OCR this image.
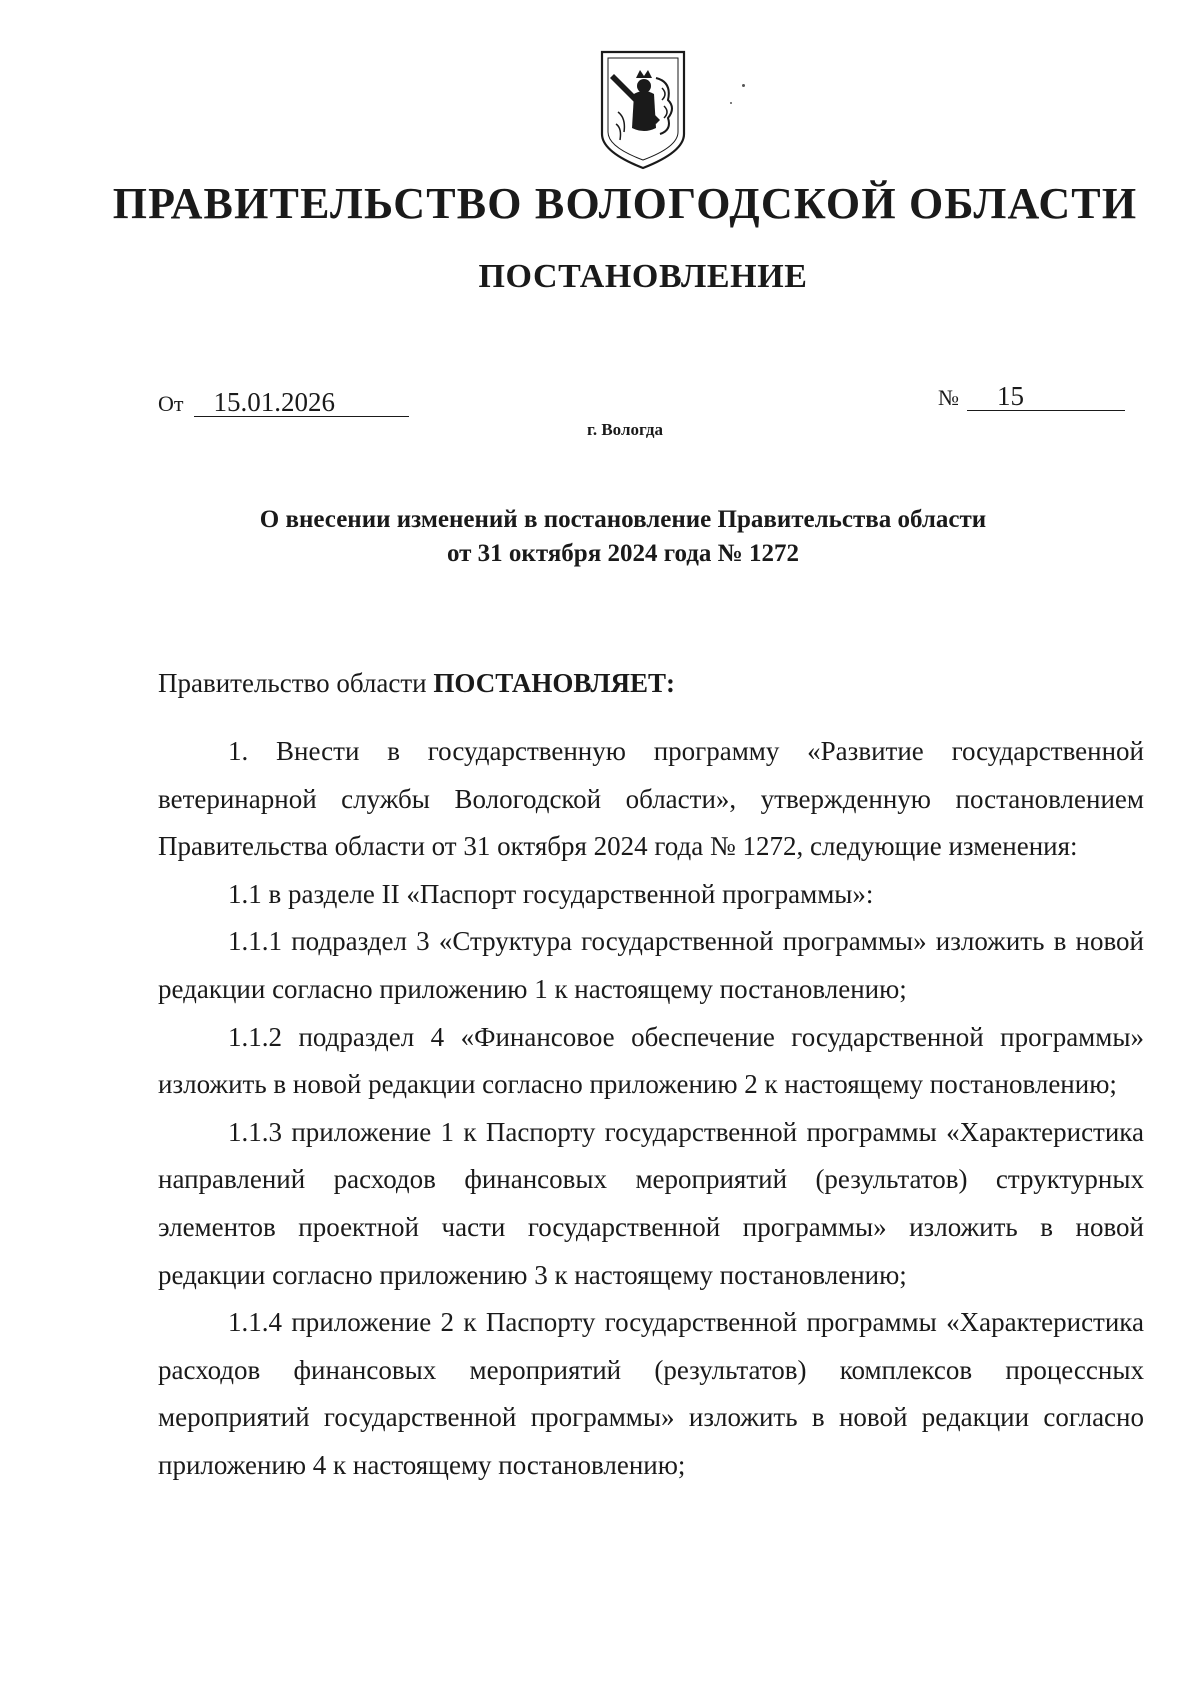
ПРАВИТЕЛЬСТВО ВОЛОГОДСКОЙ ОБЛАСТИ
ПОСТАНОВЛЕНИЕ
От	15.01.2026	№	15
г. Вологда
О внесении изменений в постановление Правительства области
от 31 октября 2024 года № 1272
Правительство области ПОСТАНОВЛЯЕТ:

1. Внести в государственную программу «Развитие государственной ветеринарной службы Вологодской области», утвержденную постановлением Правительства области от 31 октября 2024 года № 1272, следующие изменения:

1.1 в разделе II «Паспорт государственной программы»:

1.1.1 подраздел 3 «Структура государственной программы» изложить в новой редакции согласно приложению 1 к настоящему постановлению;

1.1.2 подраздел 4 «Финансовое обеспечение государственной программы» изложить в новой редакции согласно приложению 2 к настоящему постановлению;

1.1.3 приложение 1 к Паспорту государственной программы «Характеристика направлений расходов финансовых мероприятий (результатов) структурных элементов проектной части государственной программы» изложить в новой редакции согласно приложению 3 к настоящему постановлению;

1.1.4 приложение 2 к Паспорту государственной программы «Характеристика расходов финансовых мероприятий (результатов) комплексов процессных мероприятий государственной программы» изложить в новой редакции согласно приложению 4 к настоящему постановлению;
